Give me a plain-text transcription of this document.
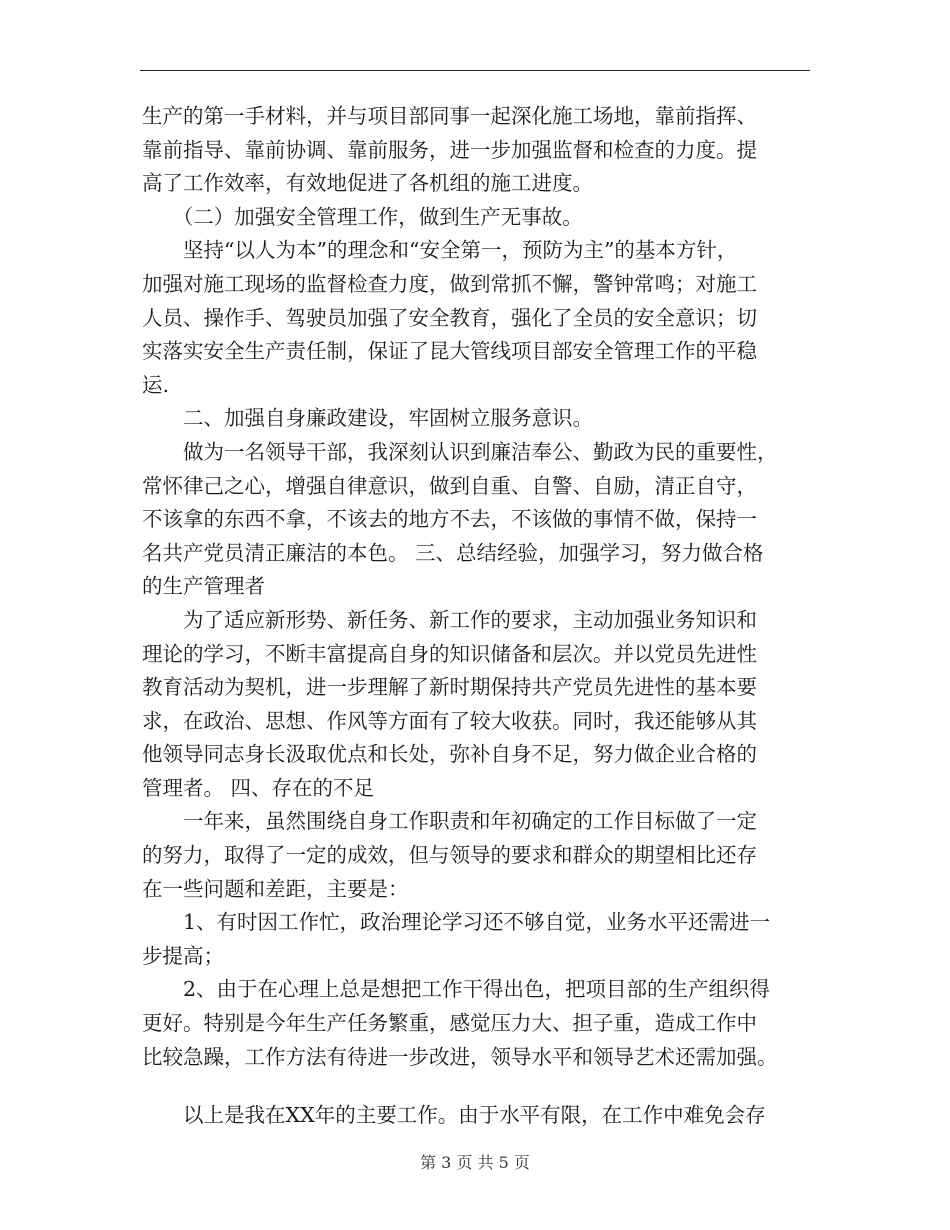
生产的第一手材料，并与项目部同事一起深化施工场地，靠前指挥、
靠前指导、靠前协调、靠前服务，进一步加强监督和检查的力度。提
高了工作效率，有效地促进了各机组的施工进度。
　　（二）加强安全管理工作，做到生产无事故。
　　坚持“以人为本”的理念和“安全第一，预防为主”的基本方针，
加强对施工现场的监督检查力度，做到常抓不懈，警钟常鸣；对施工
人员、操作手、驾驶员加强了安全教育，强化了全员的安全意识；切
实落实安全生产责任制，保证了昆大管线项目部安全管理工作的平稳
运.
　　二、加强自身廉政建设，牢固树立服务意识。
　　做为一名领导干部，我深刻认识到廉洁奉公、勤政为民的重要性，
常怀律己之心，增强自律意识，做到自重、自警、自励，清正自守，
不该拿的东西不拿，不该去的地方不去，不该做的事情不做，保持一
名共产党员清正廉洁的本色。 三、总结经验，加强学习，努力做合格
的生产管理者
　　为了适应新形势、新任务、新工作的要求，主动加强业务知识和
理论的学习，不断丰富提高自身的知识储备和层次。并以党员先进性
教育活动为契机，进一步理解了新时期保持共产党员先进性的基本要
求，在政治、思想、作风等方面有了较大收获。同时，我还能够从其
他领导同志身长汲取优点和长处，弥补自身不足，努力做企业合格的
管理者。 四、存在的不足
　　一年来，虽然围绕自身工作职责和年初确定的工作目标做了一定
的努力，取得了一定的成效，但与领导的要求和群众的期望相比还存
在一些问题和差距，主要是：
　　1、有时因工作忙，政治理论学习还不够自觉，业务水平还需进一
步提高；
　　2、由于在心理上总是想把工作干得出色，把项目部的生产组织得
更好。特别是今年生产任务繁重，感觉压力大、担子重，造成工作中
比较急躁，工作方法有待进一步改进，领导水平和领导艺术还需加强。
　　以上是我在XX年的主要工作。由于水平有限，在工作中难免会存
第 3 页 共 5 页
